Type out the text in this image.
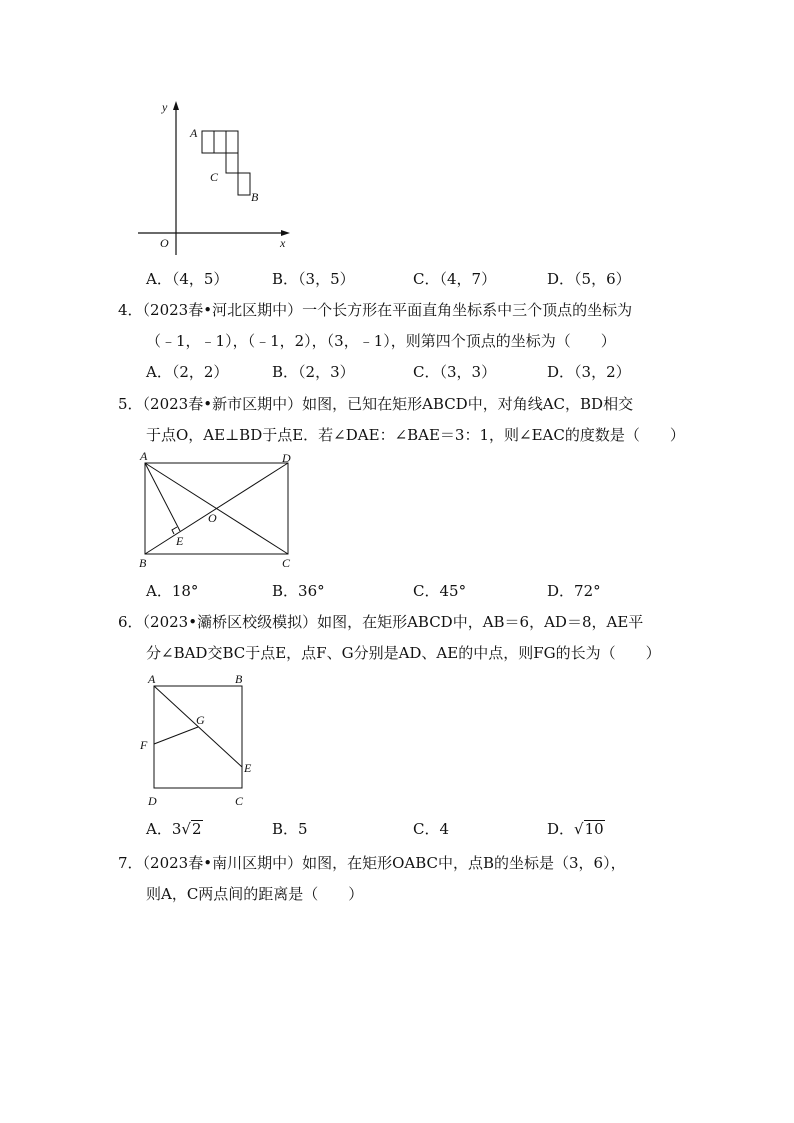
y
x
O
A
C
B
A．（4，5）	B．（3，5）	C．（4，7）	D．（5，6）
4．（2023春•河北区期中）一个长方形在平面直角坐标系中三个顶点的坐标为
（﹣1，﹣1），（﹣1，2），（3，﹣1），则第四个顶点的坐标为（　　）
A．（2，2）	B．（2，3）	C．（3，3）	D．（3，2）
5．（2023春•新市区期中）如图，已知在矩形ABCD中，对角线AC，BD相交
于点O，AE⊥BD于点E．若∠DAE：∠BAE＝3：1，则∠EAC的度数是（　　）
A	D
O
E
B	C
A．18°	B．36°	C．45°	D．72°
6．（2023•灞桥区校级模拟）如图，在矩形ABCD中，AB＝6，AD＝8，AE平
分∠BAD交BC于点E，点F、G分别是AD、AE的中点，则FG的长为（　　）
A	B
G
F
E
D	C
A．3√2	B．5	C．4	D．√10
7．（2023春•南川区期中）如图，在矩形OABC中，点B的坐标是（3，6），
则A，C两点间的距离是（　　）
